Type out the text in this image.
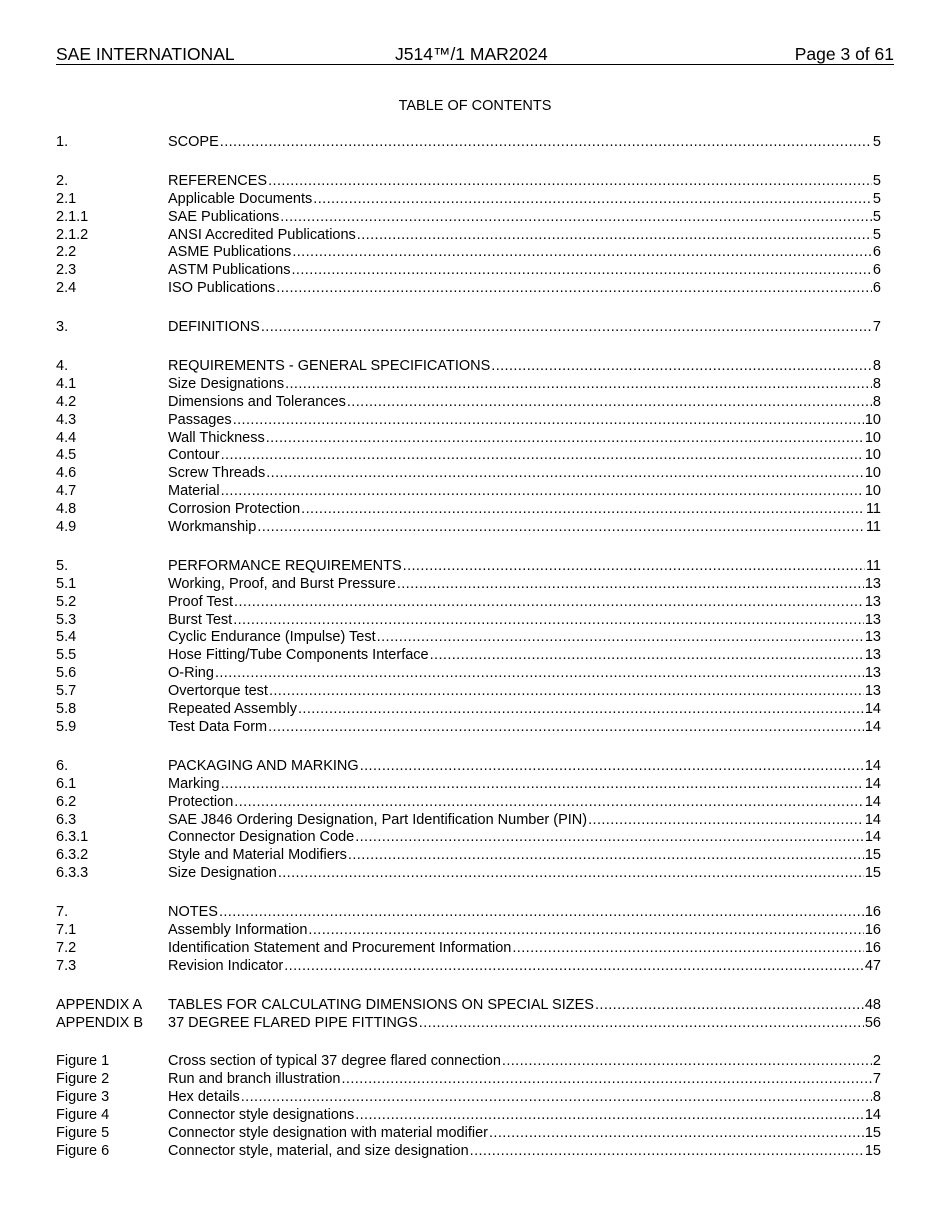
SAE INTERNATIONAL	J514™/1 MAR2024	Page 3 of 61
TABLE OF CONTENTS
1.	SCOPE .....	5
2.	REFERENCES .....	5
2.1	Applicable Documents .....	5
2.1.1	SAE Publications .....	5
2.1.2	ANSI Accredited Publications .....	5
2.2	ASME Publications .....	6
2.3	ASTM Publications .....	6
2.4	ISO Publications .....	6
3.	DEFINITIONS .....	7
4.	REQUIREMENTS - GENERAL SPECIFICATIONS .....	8
4.1	Size Designations .....	8
4.2	Dimensions and Tolerances .....	8
4.3	Passages .....	10
4.4	Wall Thickness .....	10
4.5	Contour .....	10
4.6	Screw Threads .....	10
4.7	Material .....	10
4.8	Corrosion Protection .....	11
4.9	Workmanship .....	11
5.	PERFORMANCE REQUIREMENTS .....	11
5.1	Working, Proof, and Burst Pressure .....	13
5.2	Proof Test .....	13
5.3	Burst Test .....	13
5.4	Cyclic Endurance (Impulse) Test .....	13
5.5	Hose Fitting/Tube Components Interface .....	13
5.6	O-Ring .....	13
5.7	Overtorque test .....	13
5.8	Repeated Assembly .....	14
5.9	Test Data Form .....	14
6.	PACKAGING AND MARKING .....	14
6.1	Marking .....	14
6.2	Protection .....	14
6.3	SAE J846 Ordering Designation, Part Identification Number (PIN) .....	14
6.3.1	Connector Designation Code .....	14
6.3.2	Style and Material Modifiers .....	15
6.3.3	Size Designation .....	15
7.	NOTES .....	16
7.1	Assembly Information .....	16
7.2	Identification Statement and Procurement Information .....	16
7.3	Revision Indicator .....	47
APPENDIX A	TABLES FOR CALCULATING DIMENSIONS ON SPECIAL SIZES .....	48
APPENDIX B	37 DEGREE FLARED PIPE FITTINGS .....	56
Figure 1	Cross section of typical 37 degree flared connection .....	2
Figure 2	Run and branch illustration .....	7
Figure 3	Hex details .....	8
Figure 4	Connector style designations .....	14
Figure 5	Connector style designation with material modifier .....	15
Figure 6	Connector style, material, and size designation .....	15
